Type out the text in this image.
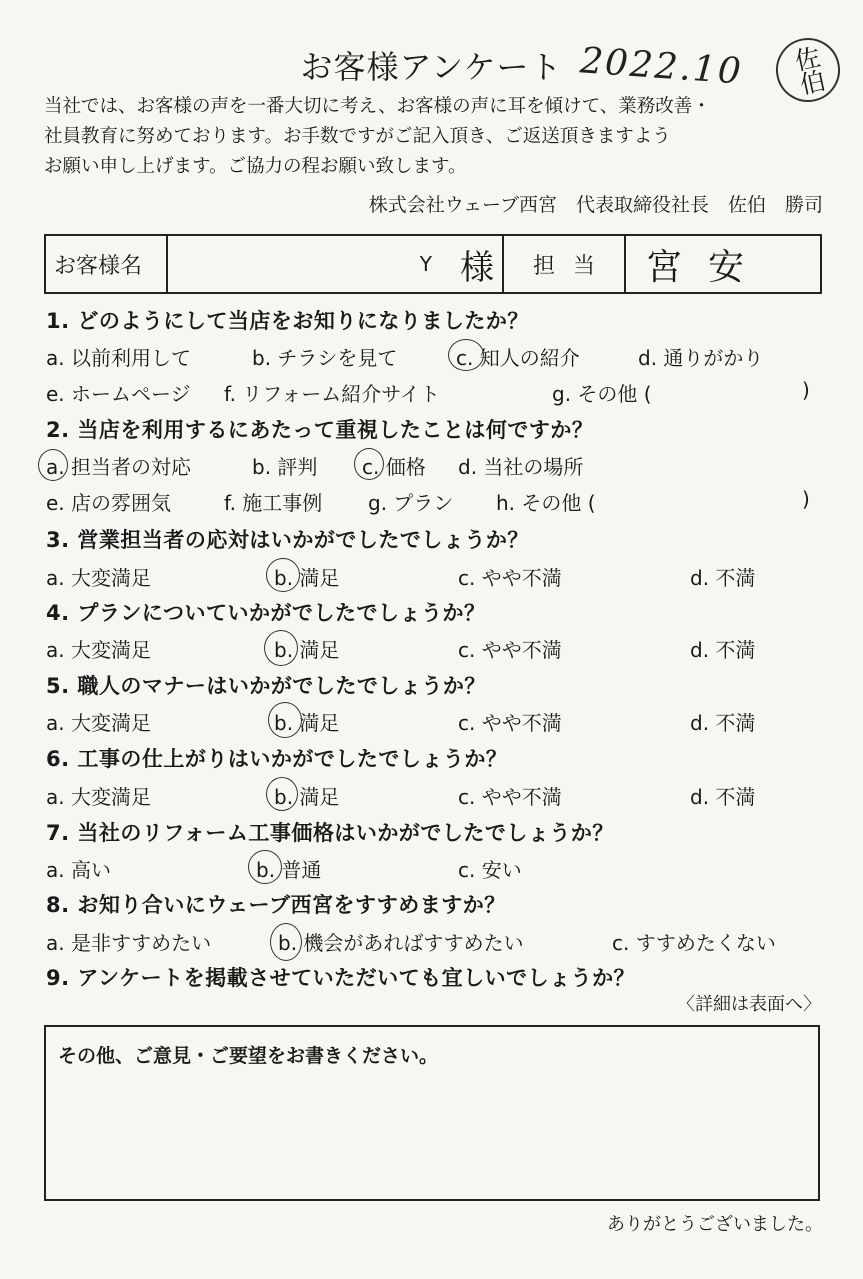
お客様アンケート 2022.10	佐伯
当社では、お客様の声を一番大切に考え、お客様の声に耳を傾けて、業務改善・
社員教育に努めております。お手数ですがご記入頂き、ご返送頂きますよう
お願い申し上げます。ご協力の程お願い致します。
株式会社ウェーブ西宮　代表取締役社長　佐伯　勝司
お客様名	Y 様	担当 宮安
1. どのようにして当店をお知りになりましたか？
a. 以前利用して	b. チラシを見て	c. 知人の紹介	d. 通りがかり
e. ホームページ f. リフォーム紹介サイト	g. その他 (	)
2. 当店を利用するにあたって重視したことは何ですか？
a. 担当者の対応	b. 評判 c. 価格 d. 当社の場所
e. 店の雰囲気	f. 施工事例 g. プラン h. その他 (	)
3. 営業担当者の応対はいかがでしたでしょうか？
a. 大変満足	b. 満足	c. やや不満	d. 不満
4. プランについていかがでしたでしょうか？
a. 大変満足	b. 満足	c. やや不満	d. 不満
5. 職人のマナーはいかがでしたでしょうか？
a. 大変満足	b. 満足	c. やや不満	d. 不満
6. 工事の仕上がりはいかがでしたでしょうか？
a. 大変満足	b. 満足	c. やや不満	d. 不満
7. 当社のリフォーム工事価格はいかがでしたでしょうか？
a. 高い	b. 普通	c. 安い
8. お知り合いにウェーブ西宮をすすめますか？
a. 是非すすめたい	b. 機会があればすすめたい	c. すすめたくない
9. アンケートを掲載させていただいても宜しいでしょうか？
〈詳細は表面へ〉
その他、ご意見・ご要望をお書きください。
ありがとうございました。
